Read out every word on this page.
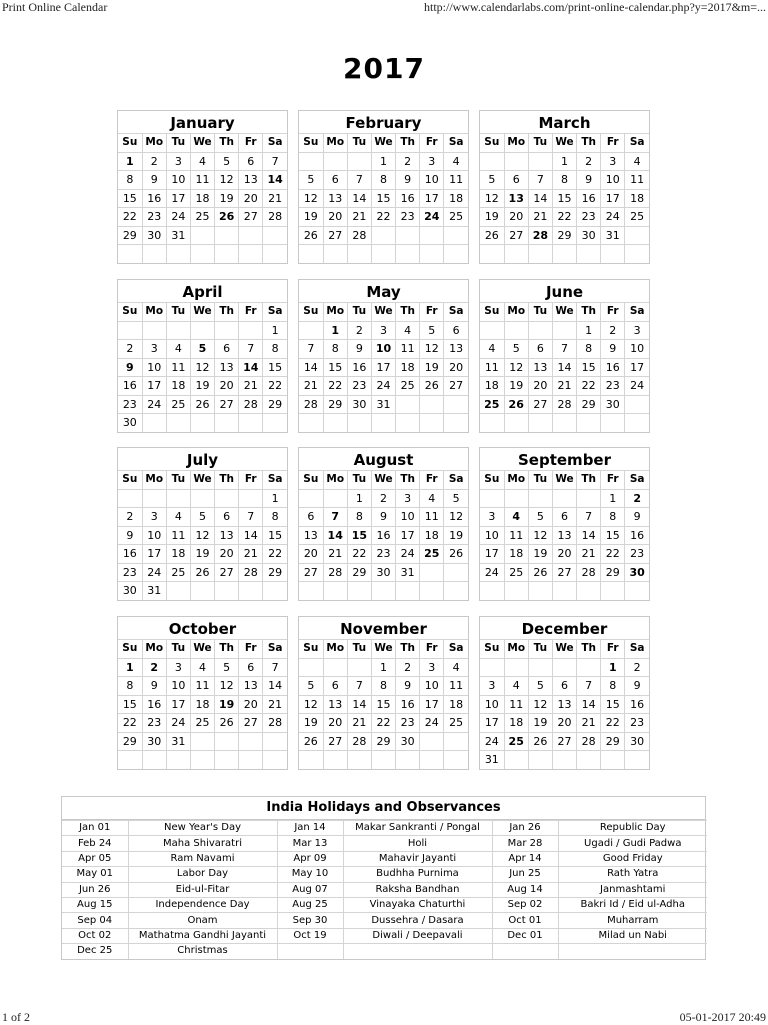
Print Online Calendar	http://www.calendarlabs.com/print-online-calendar.php?y=2017&m=...
2017
January
Su	Mo	Tu	We	Th	Fr	Sa
1	2	3	4	5	6	7
8	9	10	11	12	13	14
15	16	17	18	19	20	21
22	23	24	25	26	27	28
29	30	31				

February
Su	Mo	Tu	We	Th	Fr	Sa
			1	2	3	4
5	6	7	8	9	10	11
12	13	14	15	16	17	18
19	20	21	22	23	24	25
26	27	28				

March
Su	Mo	Tu	We	Th	Fr	Sa
			1	2	3	4
5	6	7	8	9	10	11
12	13	14	15	16	17	18
19	20	21	22	23	24	25
26	27	28	29	30	31	

April
Su	Mo	Tu	We	Th	Fr	Sa
						1
2	3	4	5	6	7	8
9	10	11	12	13	14	15
16	17	18	19	20	21	22
23	24	25	26	27	28	29
30						
May
Su	Mo	Tu	We	Th	Fr	Sa
	1	2	3	4	5	6
7	8	9	10	11	12	13
14	15	16	17	18	19	20
21	22	23	24	25	26	27
28	29	30	31			

June
Su	Mo	Tu	We	Th	Fr	Sa
				1	2	3
4	5	6	7	8	9	10
11	12	13	14	15	16	17
18	19	20	21	22	23	24
25	26	27	28	29	30	

July
Su	Mo	Tu	We	Th	Fr	Sa
						1
2	3	4	5	6	7	8
9	10	11	12	13	14	15
16	17	18	19	20	21	22
23	24	25	26	27	28	29
30	31					
August
Su	Mo	Tu	We	Th	Fr	Sa
		1	2	3	4	5
6	7	8	9	10	11	12
13	14	15	16	17	18	19
20	21	22	23	24	25	26
27	28	29	30	31		

September
Su	Mo	Tu	We	Th	Fr	Sa
					1	2
3	4	5	6	7	8	9
10	11	12	13	14	15	16
17	18	19	20	21	22	23
24	25	26	27	28	29	30

October
Su	Mo	Tu	We	Th	Fr	Sa
1	2	3	4	5	6	7
8	9	10	11	12	13	14
15	16	17	18	19	20	21
22	23	24	25	26	27	28
29	30	31				

November
Su	Mo	Tu	We	Th	Fr	Sa
			1	2	3	4
5	6	7	8	9	10	11
12	13	14	15	16	17	18
19	20	21	22	23	24	25
26	27	28	29	30		

December
Su	Mo	Tu	We	Th	Fr	Sa
					1	2
3	4	5	6	7	8	9
10	11	12	13	14	15	16
17	18	19	20	21	22	23
24	25	26	27	28	29	30
31						
India Holidays and Observances
Jan 01	New Year's Day	Jan 14	Makar Sankranti / Pongal	Jan 26	Republic Day
Feb 24	Maha Shivaratri	Mar 13	Holi	Mar 28	Ugadi / Gudi Padwa
Apr 05	Ram Navami	Apr 09	Mahavir Jayanti	Apr 14	Good Friday
May 01	Labor Day	May 10	Budhha Purnima	Jun 25	Rath Yatra
Jun 26	Eid-ul-Fitar	Aug 07	Raksha Bandhan	Aug 14	Janmashtami
Aug 15	Independence Day	Aug 25	Vinayaka Chaturthi	Sep 02	Bakri Id / Eid ul-Adha
Sep 04	Onam	Sep 30	Dussehra / Dasara	Oct 01	Muharram
Oct 02	Mathatma Gandhi Jayanti	Oct 19	Diwali / Deepavali	Dec 01	Milad un Nabi
Dec 25	Christmas				
1 of 2	05-01-2017 20:49
